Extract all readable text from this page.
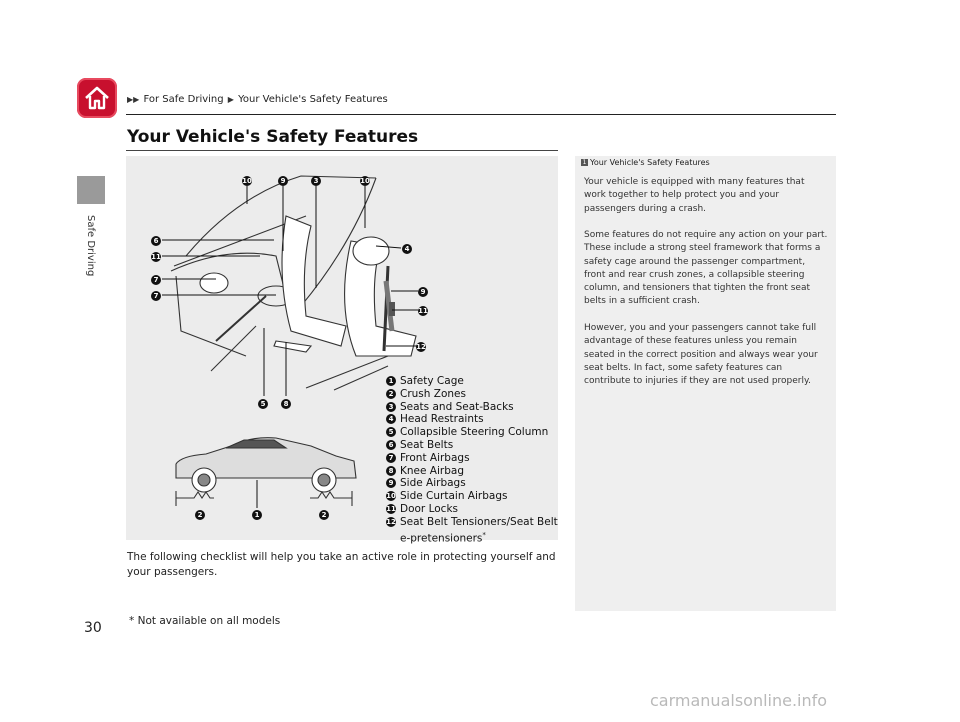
▶▶ For Safe Driving ▶ Your Vehicle's Safety Features
Safe Driving
Your Vehicle's Safety Features
10	9	3	10
6
11
7
7
4
9
11
12
5	8
2	1	2
1 Safety Cage
2 Crush Zones
3 Seats and Seat-Backs
4 Head Restraints
5 Collapsible Steering Column
6 Seat Belts
7 Front Airbags
8 Knee Airbag
9 Side Airbags
10 Side Curtain Airbags
11 Door Locks
12 Seat Belt Tensioners/Seat Belt
e-pretensioners*
The following checklist will help you take an active role in protecting yourself and your passengers.
1 Your Vehicle's Safety Features
Your vehicle is equipped with many features that work together to help protect you and your passengers during a crash.
Some features do not require any action on your part. These include a strong steel framework that forms a safety cage around the passenger compartment, front and rear crush zones, a collapsible steering column, and tensioners that tighten the front seat belts in a sufficient crash.
However, you and your passengers cannot take full advantage of these features unless you remain seated in the correct position and always wear your seat belts. In fact, some safety features can contribute to injuries if they are not used properly.
* Not available on all models
30
carmanualsonline.info
